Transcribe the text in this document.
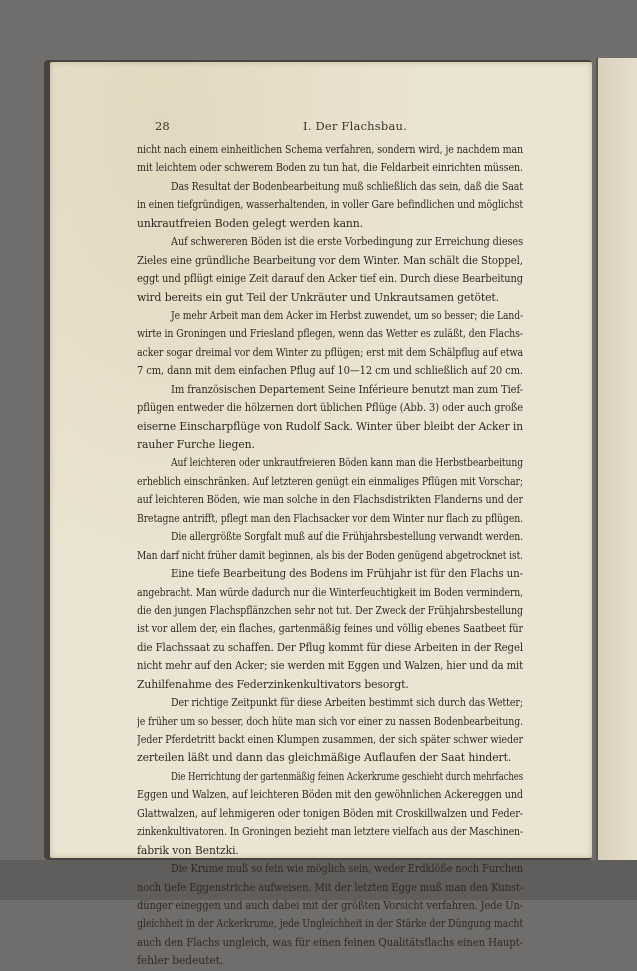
28	I. Der Flachsbau.
nicht nach einem einheitlichen Schema verfahren, sondern wird, je nachdem man
mit leichtem oder schwerem Boden zu tun hat, die Feldarbeit einrichten müssen.
Das Resultat der Bodenbearbeitung muß schließlich das sein, daß die Saat
in einen tiefgründigen, wasserhaltenden, in voller Gare befindlichen und möglichst
unkrautfreien Boden gelegt werden kann.
Auf schwereren Böden ist die erste Vorbedingung zur Erreichung dieses
Zieles eine gründliche Bearbeitung vor dem Winter. Man schält die Stoppel,
eggt und pflügt einige Zeit darauf den Acker tief ein. Durch diese Bearbeitung
wird bereits ein gut Teil der Unkräuter und Unkrautsamen getötet.
Je mehr Arbeit man dem Acker im Herbst zuwendet, um so besser; die Land-
wirte in Groningen und Friesland pflegen, wenn das Wetter es zuläßt, den Flachs-
acker sogar dreimal vor dem Winter zu pflügen; erst mit dem Schälpflug auf etwa
7 cm, dann mit dem einfachen Pflug auf 10—12 cm und schließlich auf 20 cm.
Im französischen Departement Seine Inférieure benutzt man zum Tief-
pflügen entweder die hölzernen dort üblichen Pflüge (Abb. 3) oder auch große
eiserne Einscharpflüge von Rudolf Sack. Winter über bleibt der Acker in
rauher Furche liegen.
Auf leichteren oder unkrautfreieren Böden kann man die Herbstbearbeitung
erheblich einschränken. Auf letzteren genügt ein einmaliges Pflügen mit Vorschar;
auf leichteren Böden, wie man solche in den Flachsdistrikten Flanderns und der
Bretagne antrifft, pflegt man den Flachsacker vor dem Winter nur flach zu pflügen.
Die allergrößte Sorgfalt muß auf die Frühjahrsbestellung verwandt werden.
Man darf nicht früher damit beginnen, als bis der Boden genügend abgetrocknet ist.
Eine tiefe Bearbeitung des Bodens im Frühjahr ist für den Flachs un-
angebracht. Man würde dadurch nur die Winterfeuchtigkeit im Boden vermindern,
die den jungen Flachspflänzchen sehr not tut. Der Zweck der Frühjahrsbestellung
ist vor allem der, ein flaches, gartenmäßig feines und völlig ebenes Saatbeet für
die Flachssaat zu schaffen. Der Pflug kommt für diese Arbeiten in der Regel
nicht mehr auf den Acker; sie werden mit Eggen und Walzen, hier und da mit
Zuhilfenahme des Federzinkenkultivators besorgt.
Der richtige Zeitpunkt für diese Arbeiten bestimmt sich durch das Wetter;
je früher um so besser, doch hüte man sich vor einer zu nassen Bodenbearbeitung.
Jeder Pferdetritt backt einen Klumpen zusammen, der sich später schwer wieder
zerteilen läßt und dann das gleichmäßige Auflaufen der Saat hindert.
Die Herrichtung der gartenmäßig feinen Ackerkrume geschieht durch mehrfaches
Eggen und Walzen, auf leichteren Böden mit den gewöhnlichen Ackereggen und
Glattwalzen, auf lehmigeren oder tonigen Böden mit Croskillwalzen und Feder-
zinkenkultivatoren. In Groningen bezieht man letztere vielfach aus der Maschinen-
fabrik von Bentzki.
Die Krume muß so fein wie möglich sein, weder Erdklöße noch Furchen
noch tiefe Eggenstriche aufweisen. Mit der letzten Egge muß man den Kunst-
dünger eineggen und auch dabei mit der größten Vorsicht verfahren. Jede Un-
gleichheit in der Ackerkrume, jede Ungleichheit in der Stärke der Düngung macht
auch den Flachs ungleich, was für einen feinen Qualitätsflachs einen Haupt-
fehler bedeutet.
